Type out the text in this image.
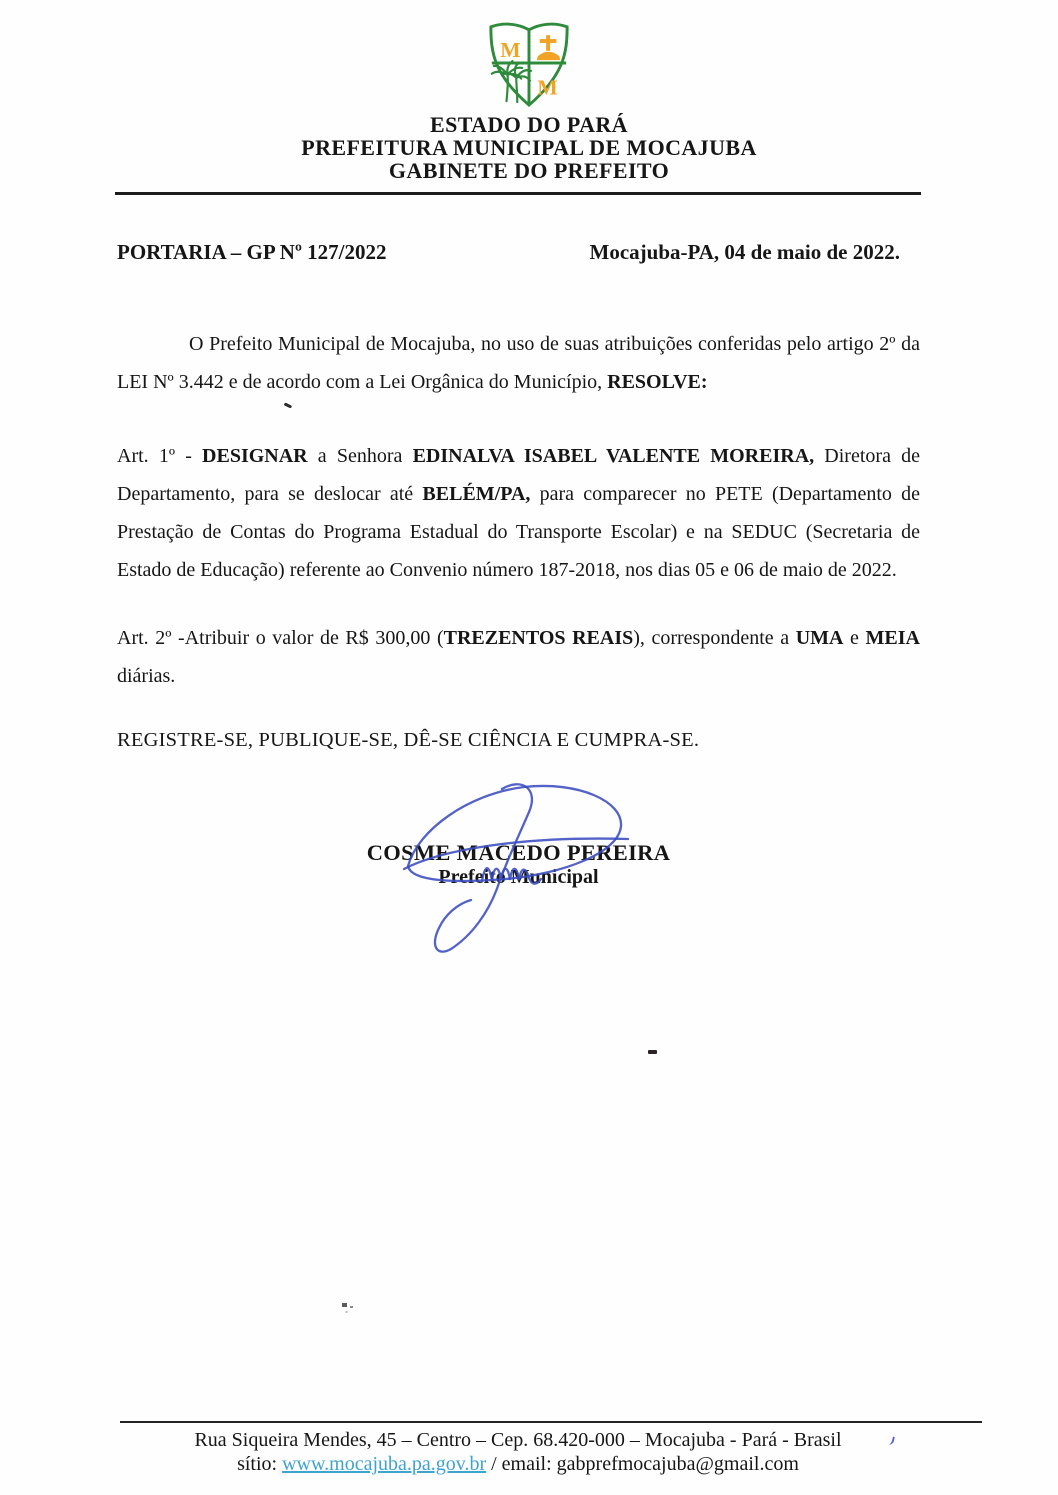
M
M
ESTADO DO PARÁ
PREFEITURA MUNICIPAL DE MOCAJUBA
GABINETE DO PREFEITO
PORTARIA – GP Nº 127/2022	Mocajuba-PA, 04 de maio de 2022.

O Prefeito Municipal de Mocajuba, no uso de suas atribuições conferidas pelo artigo 2º da LEI Nº 3.442 e de acordo com a Lei Orgânica do Município, RESOLVE:

Art. 1º - DESIGNAR a Senhora EDINALVA ISABEL VALENTE MOREIRA, Diretora de Departamento, para se deslocar até BELÉM/PA, para comparecer no PETE (Departamento de Prestação de Contas do Programa Estadual do Transporte Escolar) e na SEDUC (Secretaria de Estado de Educação) referente ao Convenio número 187-2018, nos dias 05 e 06 de maio de 2022.

Art. 2º -Atribuir o valor de R$ 300,00 (TREZENTOS REAIS), correspondente a UMA e MEIA diárias.

REGISTRE-SE, PUBLIQUE-SE, DÊ-SE CIÊNCIA E CUMPRA-SE.

COSME MACEDO PEREIRA
Prefeito Municipal
Rua Siqueira Mendes, 45 – Centro – Cep. 68.420-000 – Mocajuba - Pará - Brasil
sítio: www.mocajuba.pa.gov.br / email: gabprefmocajuba@gmail.com
